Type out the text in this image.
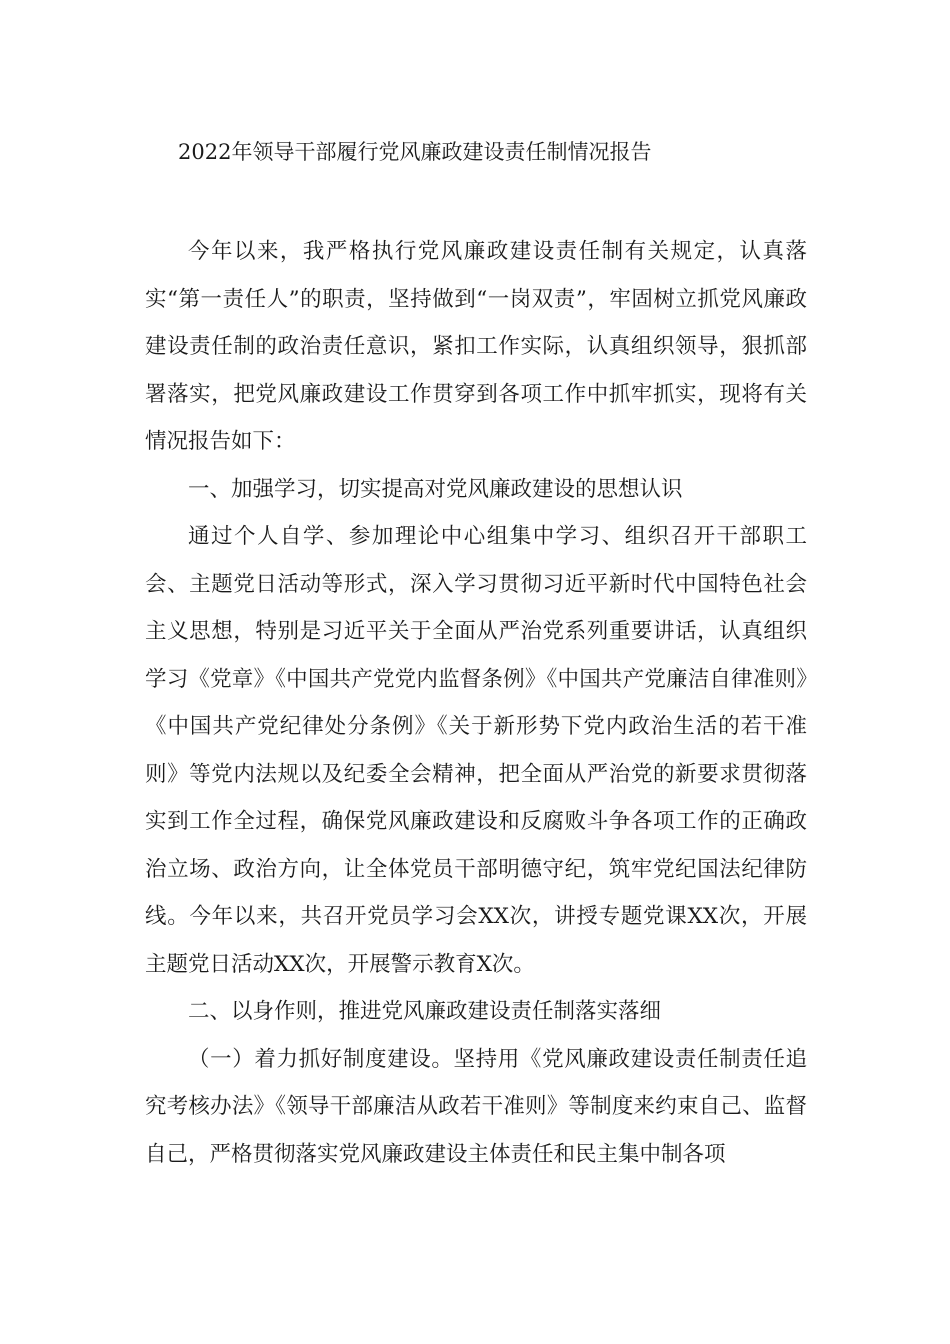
2022年领导干部履行党风廉政建设责任制情况报告

今年以来，我严格执行党风廉政建设责任制有关规定，认真落实“第一责任人”的职责，坚持做到“一岗双责”，牢固树立抓党风廉政建设责任制的政治责任意识，紧扣工作实际，认真组织领导，狠抓部署落实，把党风廉政建设工作贯穿到各项工作中抓牢抓实，现将有关情况报告如下：

一、加强学习，切实提高对党风廉政建设的思想认识

通过个人自学、参加理论中心组集中学习、组织召开干部职工会、主题党日活动等形式，深入学习贯彻习近平新时代中国特色社会主义思想，特别是习近平关于全面从严治党系列重要讲话，认真组织学习《党章》《中国共产党党内监督条例》《中国共产党廉洁自律准则》《中国共产党纪律处分条例》《关于新形势下党内政治生活的若干准则》等党内法规以及纪委全会精神，把全面从严治党的新要求贯彻落实到工作全过程，确保党风廉政建设和反腐败斗争各项工作的正确政治立场、政治方向，让全体党员干部明德守纪，筑牢党纪国法纪律防线。今年以来，共召开党员学习会XX次，讲授专题党课XX次，开展主题党日活动XX次，开展警示教育X次。

二、以身作则，推进党风廉政建设责任制落实落细

（一）着力抓好制度建设。坚持用《党风廉政建设责任制责任追究考核办法》《领导干部廉洁从政若干准则》等制度来约束自己、监督自己，严格贯彻落实党风廉政建设主体责任和民主集中制各项
